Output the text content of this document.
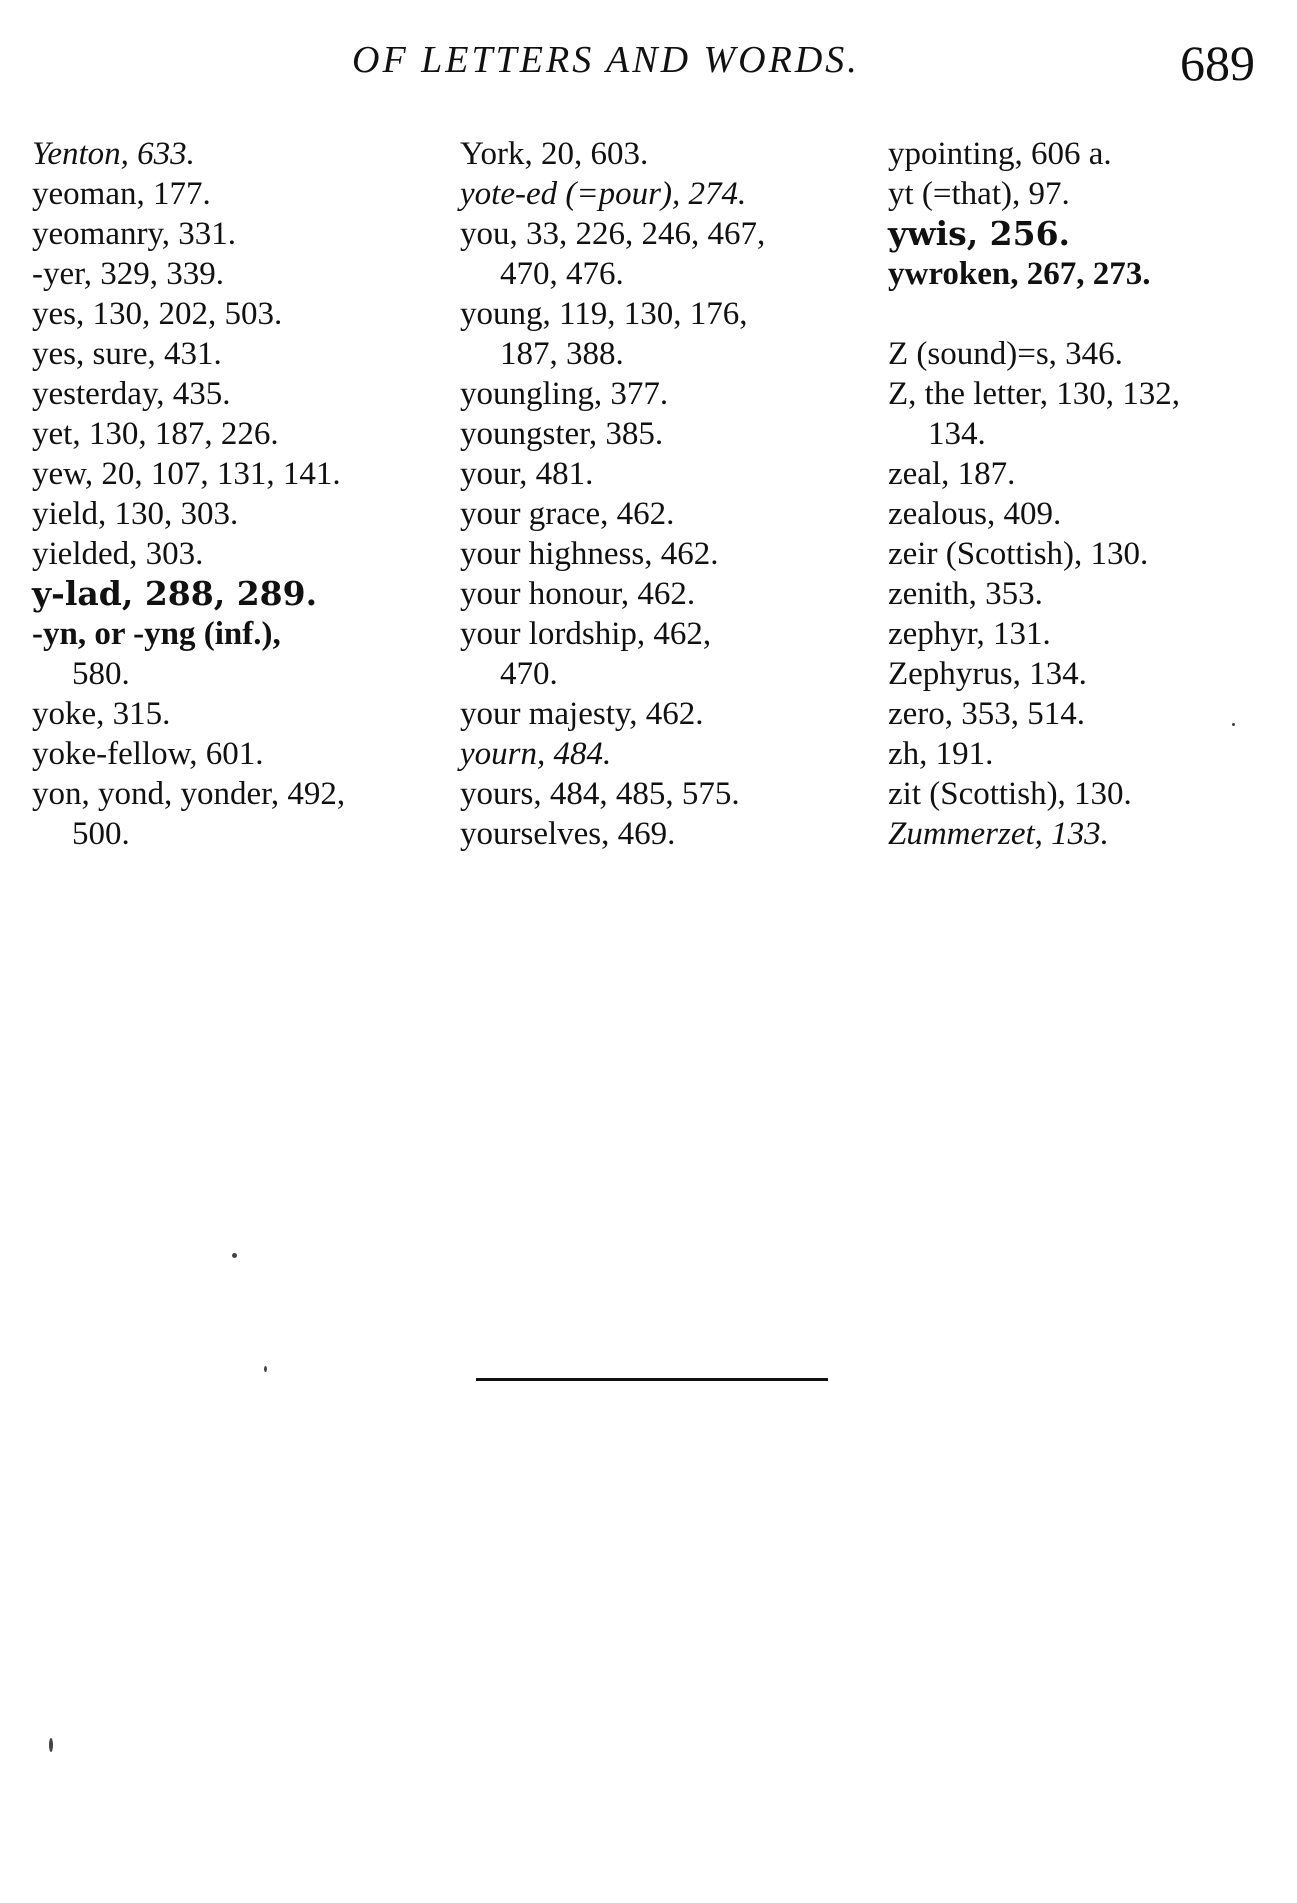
OF LETTERS AND WORDS.	689
Yenton, 633.
yeoman, 177.
yeomanry, 331.
-yer, 329, 339.
yes, 130, 202, 503.
yes, sure, 431.
yesterday, 435.
yet, 130, 187, 226.
yew, 20, 107, 131, 141.
yield, 130, 303.
yielded, 303.
y-lad, 288, 289.
-yn, or -yng (inf.),
580.
yoke, 315.
yoke-fellow, 601.
yon, yond, yonder, 492,
500.
York, 20, 603.
yote-ed (=pour), 274.
you, 33, 226, 246, 467,
470, 476.
young, 119, 130, 176,
187, 388.
youngling, 377.
youngster, 385.
your, 481.
your grace, 462.
your highness, 462.
your honour, 462.
your lordship, 462,
470.
your majesty, 462.
yourn, 484.
yours, 484, 485, 575.
yourselves, 469.
ypointing, 606 a.
yt (=that), 97.
ywis, 256.
ywroken, 267, 273.
Z (sound)=s, 346.
Z, the letter, 130, 132,
134.
zeal, 187.
zealous, 409.
zeir (Scottish), 130.
zenith, 353.
zephyr, 131.
Zephyrus, 134.
zero, 353, 514.
zh, 191.
zit (Scottish), 130.
Zummerzet, 133.
